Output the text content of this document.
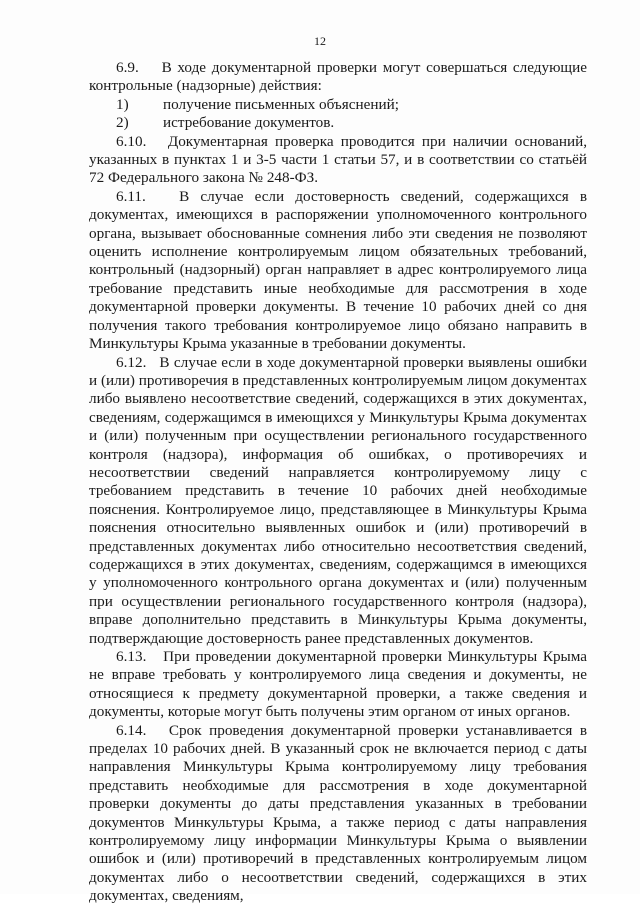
12

6.9.    В ходе документарной проверки могут совершаться следующие контрольные (надзорные) действия:

1)	получение письменных объяснений;
2)	истребование документов.

6.10.   Документарная проверка проводится при наличии оснований, указанных в пунктах 1 и 3-5 части 1 статьи 57, и в соответствии со статьёй 72 Федерального закона № 248-ФЗ.

6.11.   В случае если достоверность сведений, содержащихся в документах, имеющихся в распоряжении уполномоченного контрольного органа, вызывает обоснованные сомнения либо эти сведения не позволяют оценить исполнение контролируемым лицом обязательных требований, контрольный (надзорный) орган направляет в адрес контролируемого лица требование представить иные необходимые для рассмотрения в ходе документарной проверки документы. В течение 10 рабочих дней со дня получения такого требования контролируемое лицо обязано направить в Минкультуры Крыма указанные в требовании документы.

6.12.   В случае если в ходе документарной проверки выявлены ошибки и (или) противоречия в представленных контролируемым лицом документах либо выявлено несоответствие сведений, содержащихся в этих документах, сведениям, содержащимся в имеющихся у Минкультуры Крыма документах и (или) полученным при осуществлении регионального государственного контроля (надзора), информация об ошибках, о противоречиях и несоответствии сведений направляется контролируемому лицу с требованием представить в течение 10 рабочих дней необходимые пояснения. Контролируемое лицо, представляющее в Минкультуры Крыма пояснения относительно выявленных ошибок и (или) противоречий в представленных документах либо относительно несоответствия сведений, содержащихся в этих документах, сведениям, содержащимся в имеющихся у уполномоченного контрольного органа документах и (или) полученным при осуществлении регионального государственного контроля (надзора), вправе дополнительно представить в Минкультуры Крыма документы, подтверждающие достоверность ранее представленных документов.

6.13.   При проведении документарной проверки Минкультуры Крыма не вправе требовать у контролируемого лица сведения и документы, не относящиеся к предмету документарной проверки, а также сведения и документы, которые могут быть получены этим органом от иных органов.

6.14.   Срок проведения документарной проверки устанавливается в пределах 10 рабочих дней. В указанный срок не включается период с даты направления Минкультуры Крыма контролируемому лицу требования представить необходимые для рассмотрения в ходе документарной проверки документы до даты представления указанных в требовании документов Минкультуры Крыма, а также период с даты направления контролируемому лицу информации Минкультуры Крыма о выявлении ошибок и (или) противоречий в представленных контролируемым лицом документах либо о несоответствии сведений, содержащихся в этих документах, сведениям,
